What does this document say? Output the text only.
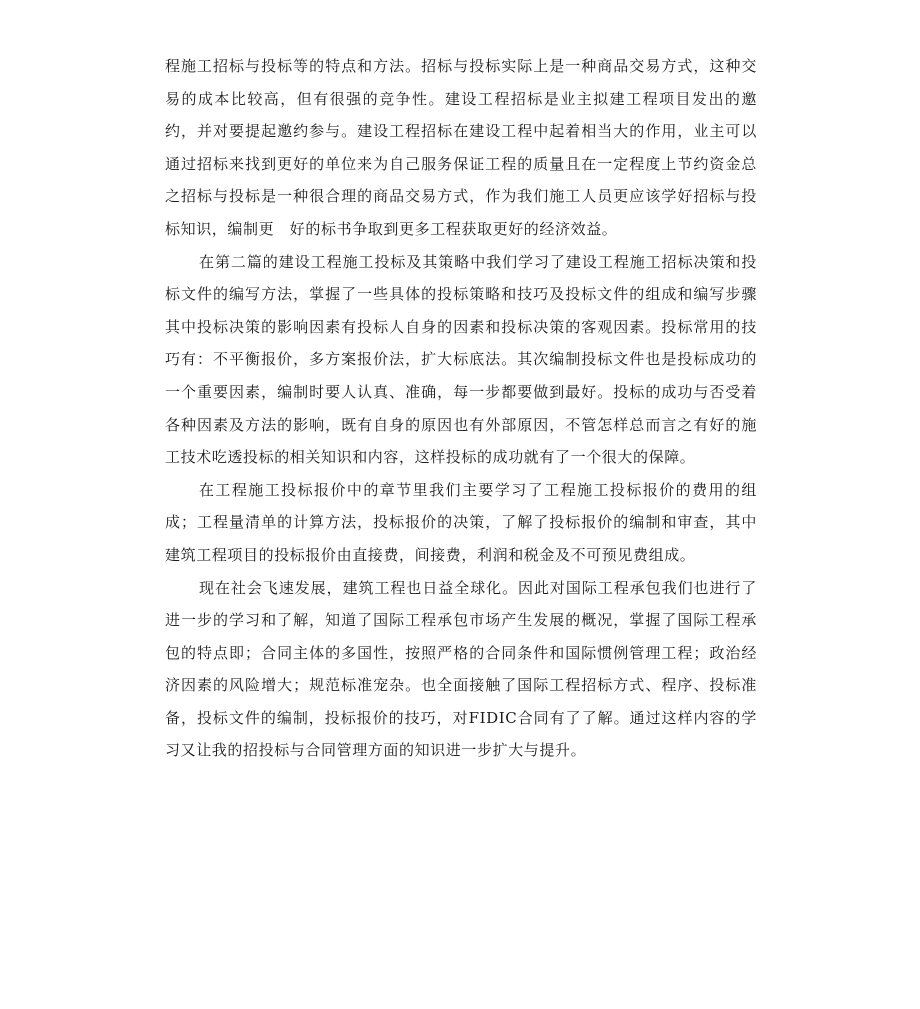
程施工招标与投标等的特点和方法。招标与投标实际上是一种商品交易方式，这种交易的成本比较高，但有很强的竞争性。建设工程招标是业主拟建工程项目发出的邀约，并对要提起邀约参与。建设工程招标在建设工程中起着相当大的作用，业主可以通过招标来找到更好的单位来为自己服务保证工程的质量且在一定程度上节约资金总之招标与投标是一种很合理的商品交易方式，作为我们施工人员更应该学好招标与投标知识，编制更　好的标书争取到更多工程获取更好的经济效益。

在第二篇的建设工程施工投标及其策略中我们学习了建设工程施工招标决策和投标文件的编写方法，掌握了一些具体的投标策略和技巧及投标文件的组成和编写步骤其中投标决策的影响因素有投标人自身的因素和投标决策的客观因素。投标常用的技巧有：不平衡报价，多方案报价法，扩大标底法。其次编制投标文件也是投标成功的一个重要因素，编制时要人认真、准确，每一步都要做到最好。投标的成功与否受着各种因素及方法的影响，既有自身的原因也有外部原因，不管怎样总而言之有好的施工技术吃透投标的相关知识和内容，这样投标的成功就有了一个很大的保障。

在工程施工投标报价中的章节里我们主要学习了工程施工投标报价的费用的组成；工程量清单的计算方法，投标报价的决策，了解了投标报价的编制和审查，其中建筑工程项目的投标报价由直接费，间接费，利润和税金及不可预见费组成。

现在社会飞速发展，建筑工程也日益全球化。因此对国际工程承包我们也进行了进一步的学习和了解，知道了国际工程承包市场产生发展的概况，掌握了国际工程承包的特点即；合同主体的多国性，按照严格的合同条件和国际惯例管理工程；政治经济因素的风险增大；规范标准宠杂。也全面接触了国际工程招标方式、程序、投标准备，投标文件的编制，投标报价的技巧，对FIDIC合同有了了解。通过这样内容的学习又让我的招投标与合同管理方面的知识进一步扩大与提升。
